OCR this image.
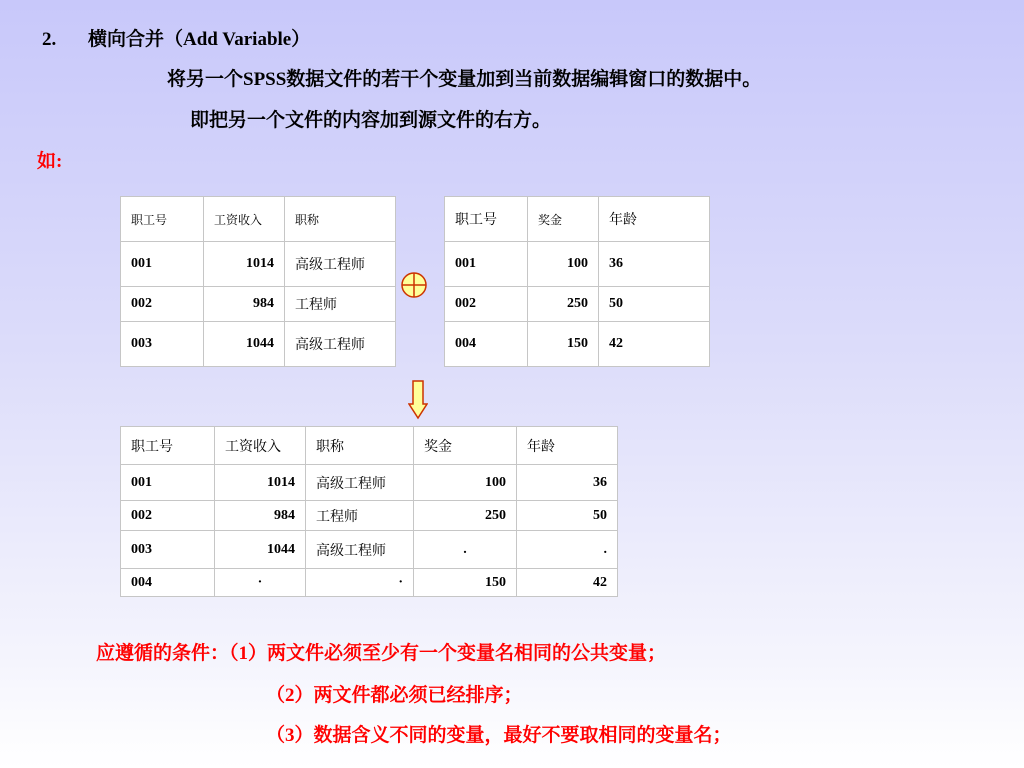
2. 横向合并（Add Variable）
将另一个SPSS数据文件的若干个变量加到当前数据编辑窗口的数据中。
即把另一个文件的内容加到源文件的右方。
如:
职工号	工资收入	职称
001	1014	高级工程师
002	984	工程师
003	1044	高级工程师
职工号	奖金	年龄
001	100	36
002	250	50
004	150	42
职工号	工资收入	职称	奖金	年龄
001	1014	高级工程师	100	36
002	984	工程师	250	50
003	1044	高级工程师	.	.
004	·	·	150	42
应遵循的条件：（1）两文件必须至少有一个变量名相同的公共变量；
（2）两文件都必须已经排序；
（3）数据含义不同的变量，最好不要取相同的变量名；
